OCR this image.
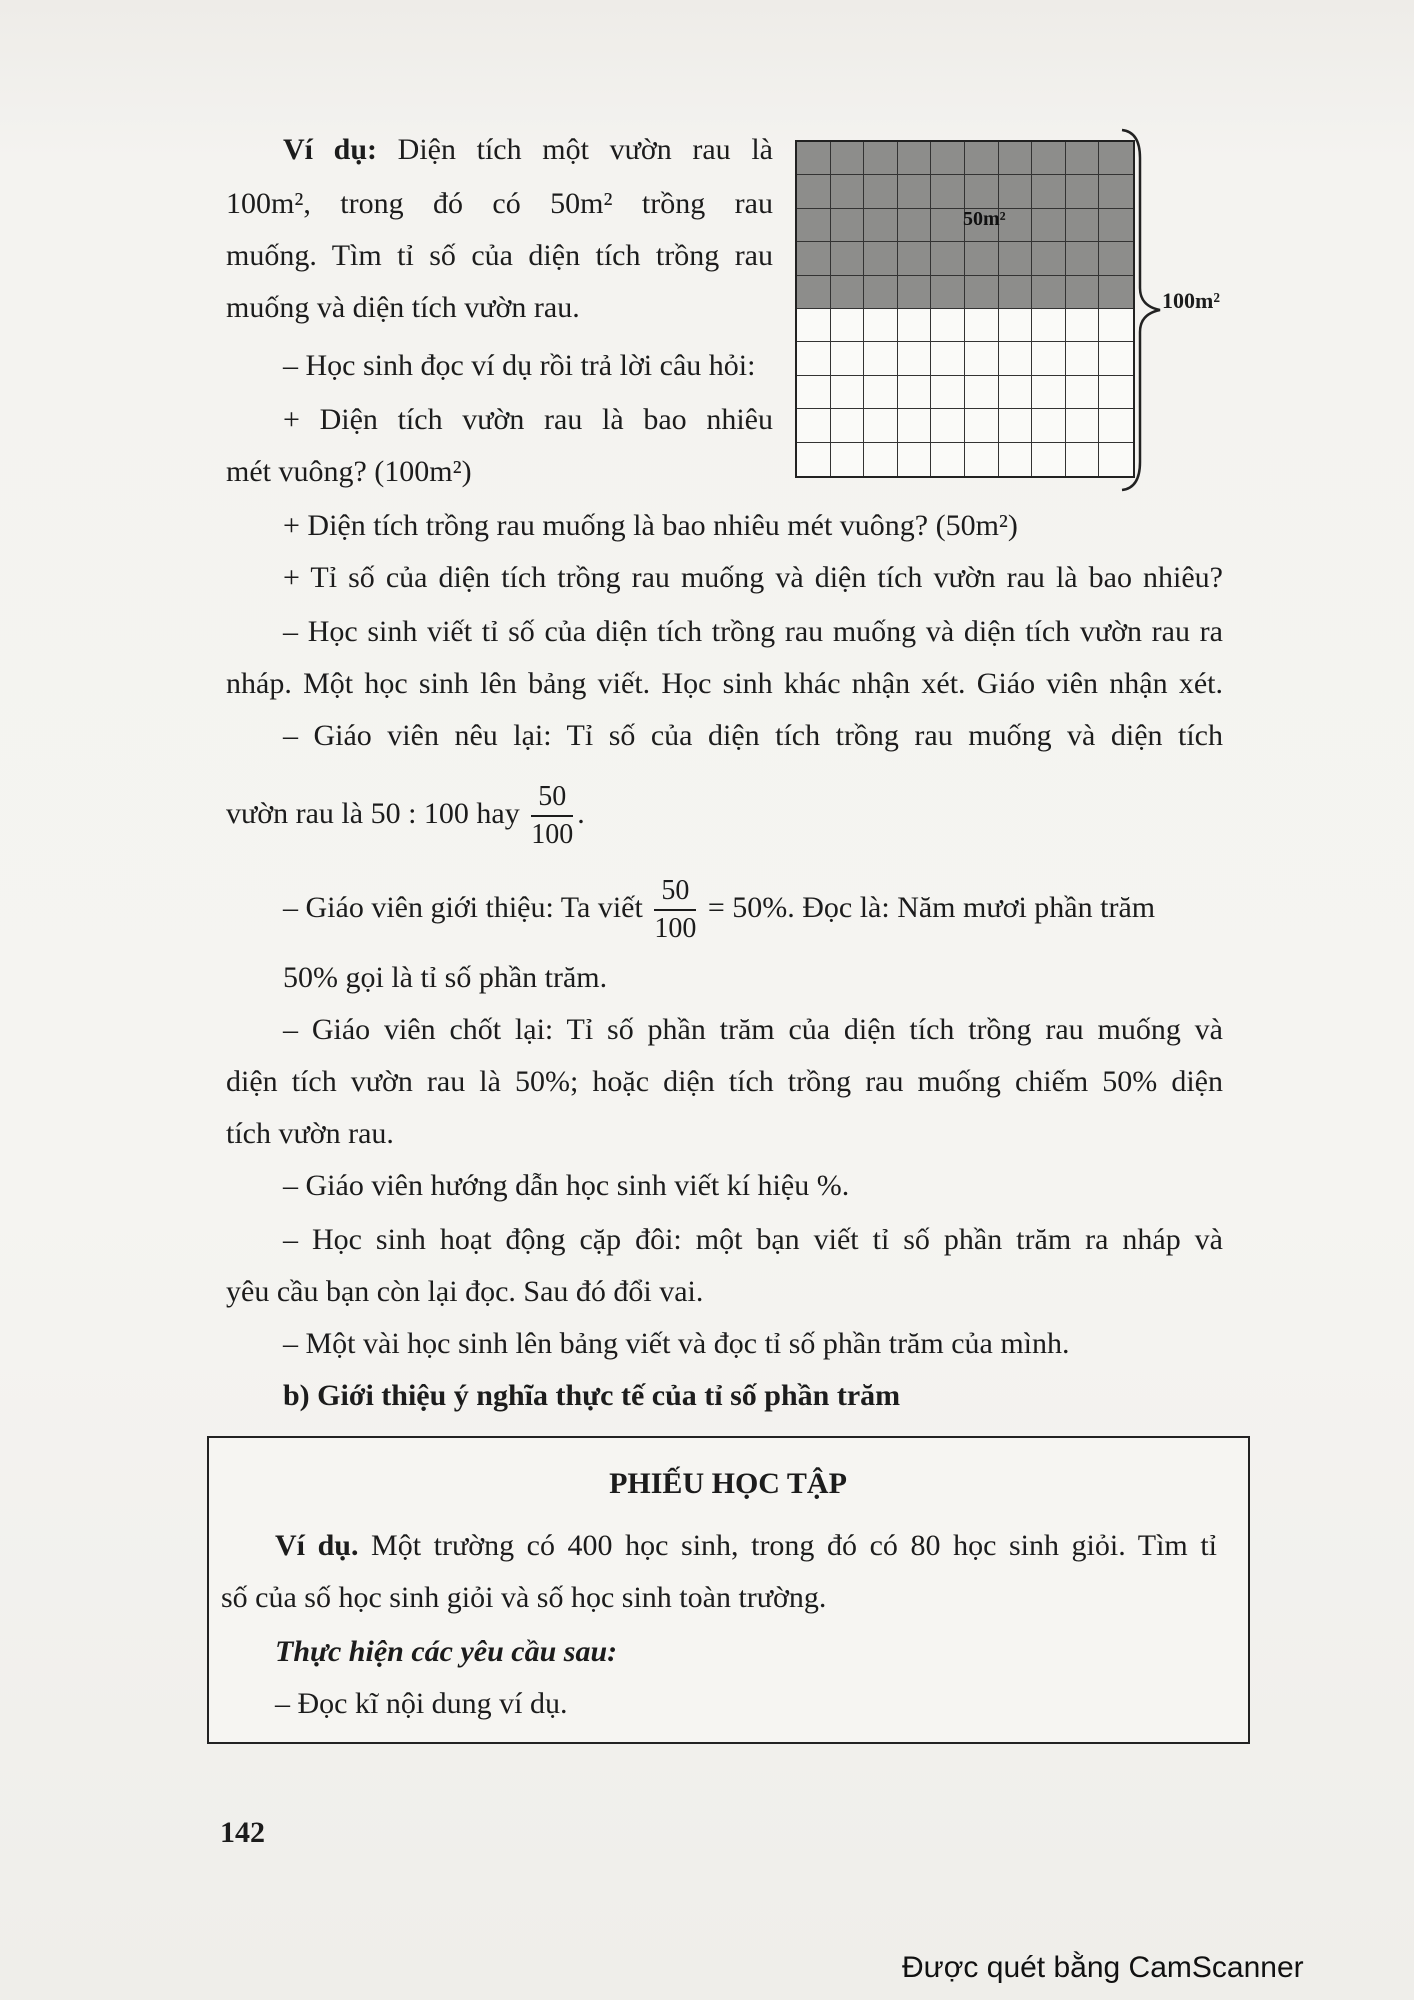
Ví dụ: Diện tích một vườn rau là
100m², trong đó có 50m² trồng rau
muống. Tìm tỉ số của diện tích trồng rau
muống và diện tích vườn rau.
– Học sinh đọc ví dụ rồi trả lời câu hỏi:
+ Diện tích vườn rau là bao nhiêu
mét vuông? (100m²)
50m²
100m²
+ Diện tích trồng rau muống là bao nhiêu mét vuông? (50m²)
+ Tỉ số của diện tích trồng rau muống và diện tích vườn rau là bao nhiêu?
– Học sinh viết tỉ số của diện tích trồng rau muống và diện tích vườn rau ra
nháp. Một học sinh lên bảng viết. Học sinh khác nhận xét. Giáo viên nhận xét.
– Giáo viên nêu lại: Tỉ số của diện tích trồng rau muống và diện tích
vườn rau là 50 : 100 hay $\frac{50}{100}$ .
– Giáo viên giới thiệu: Ta viết $\frac{50}{100} = 50\%$. Đọc là: Năm mươi phần trăm
50% gọi là tỉ số phần trăm.
– Giáo viên chốt lại: Tỉ số phần trăm của diện tích trồng rau muống và
diện tích vườn rau là 50%; hoặc diện tích trồng rau muống chiếm 50% diện
tích vườn rau.
– Giáo viên hướng dẫn học sinh viết kí hiệu %.
– Học sinh hoạt động cặp đôi: một bạn viết tỉ số phần trăm ra nháp và
yêu cầu bạn còn lại đọc. Sau đó đổi vai.
– Một vài học sinh lên bảng viết và đọc tỉ số phần trăm của mình.
b) Giới thiệu ý nghĩa thực tế của tỉ số phần trăm
PHIẾU HỌC TẬP
Ví dụ. Một trường có 400 học sinh, trong đó có 80 học sinh giỏi. Tìm tỉ
số của số học sinh giỏi và số học sinh toàn trường.
Thực hiện các yêu cầu sau:
– Đọc kĩ nội dung ví dụ.
142
Được quét bằng CamScanner
